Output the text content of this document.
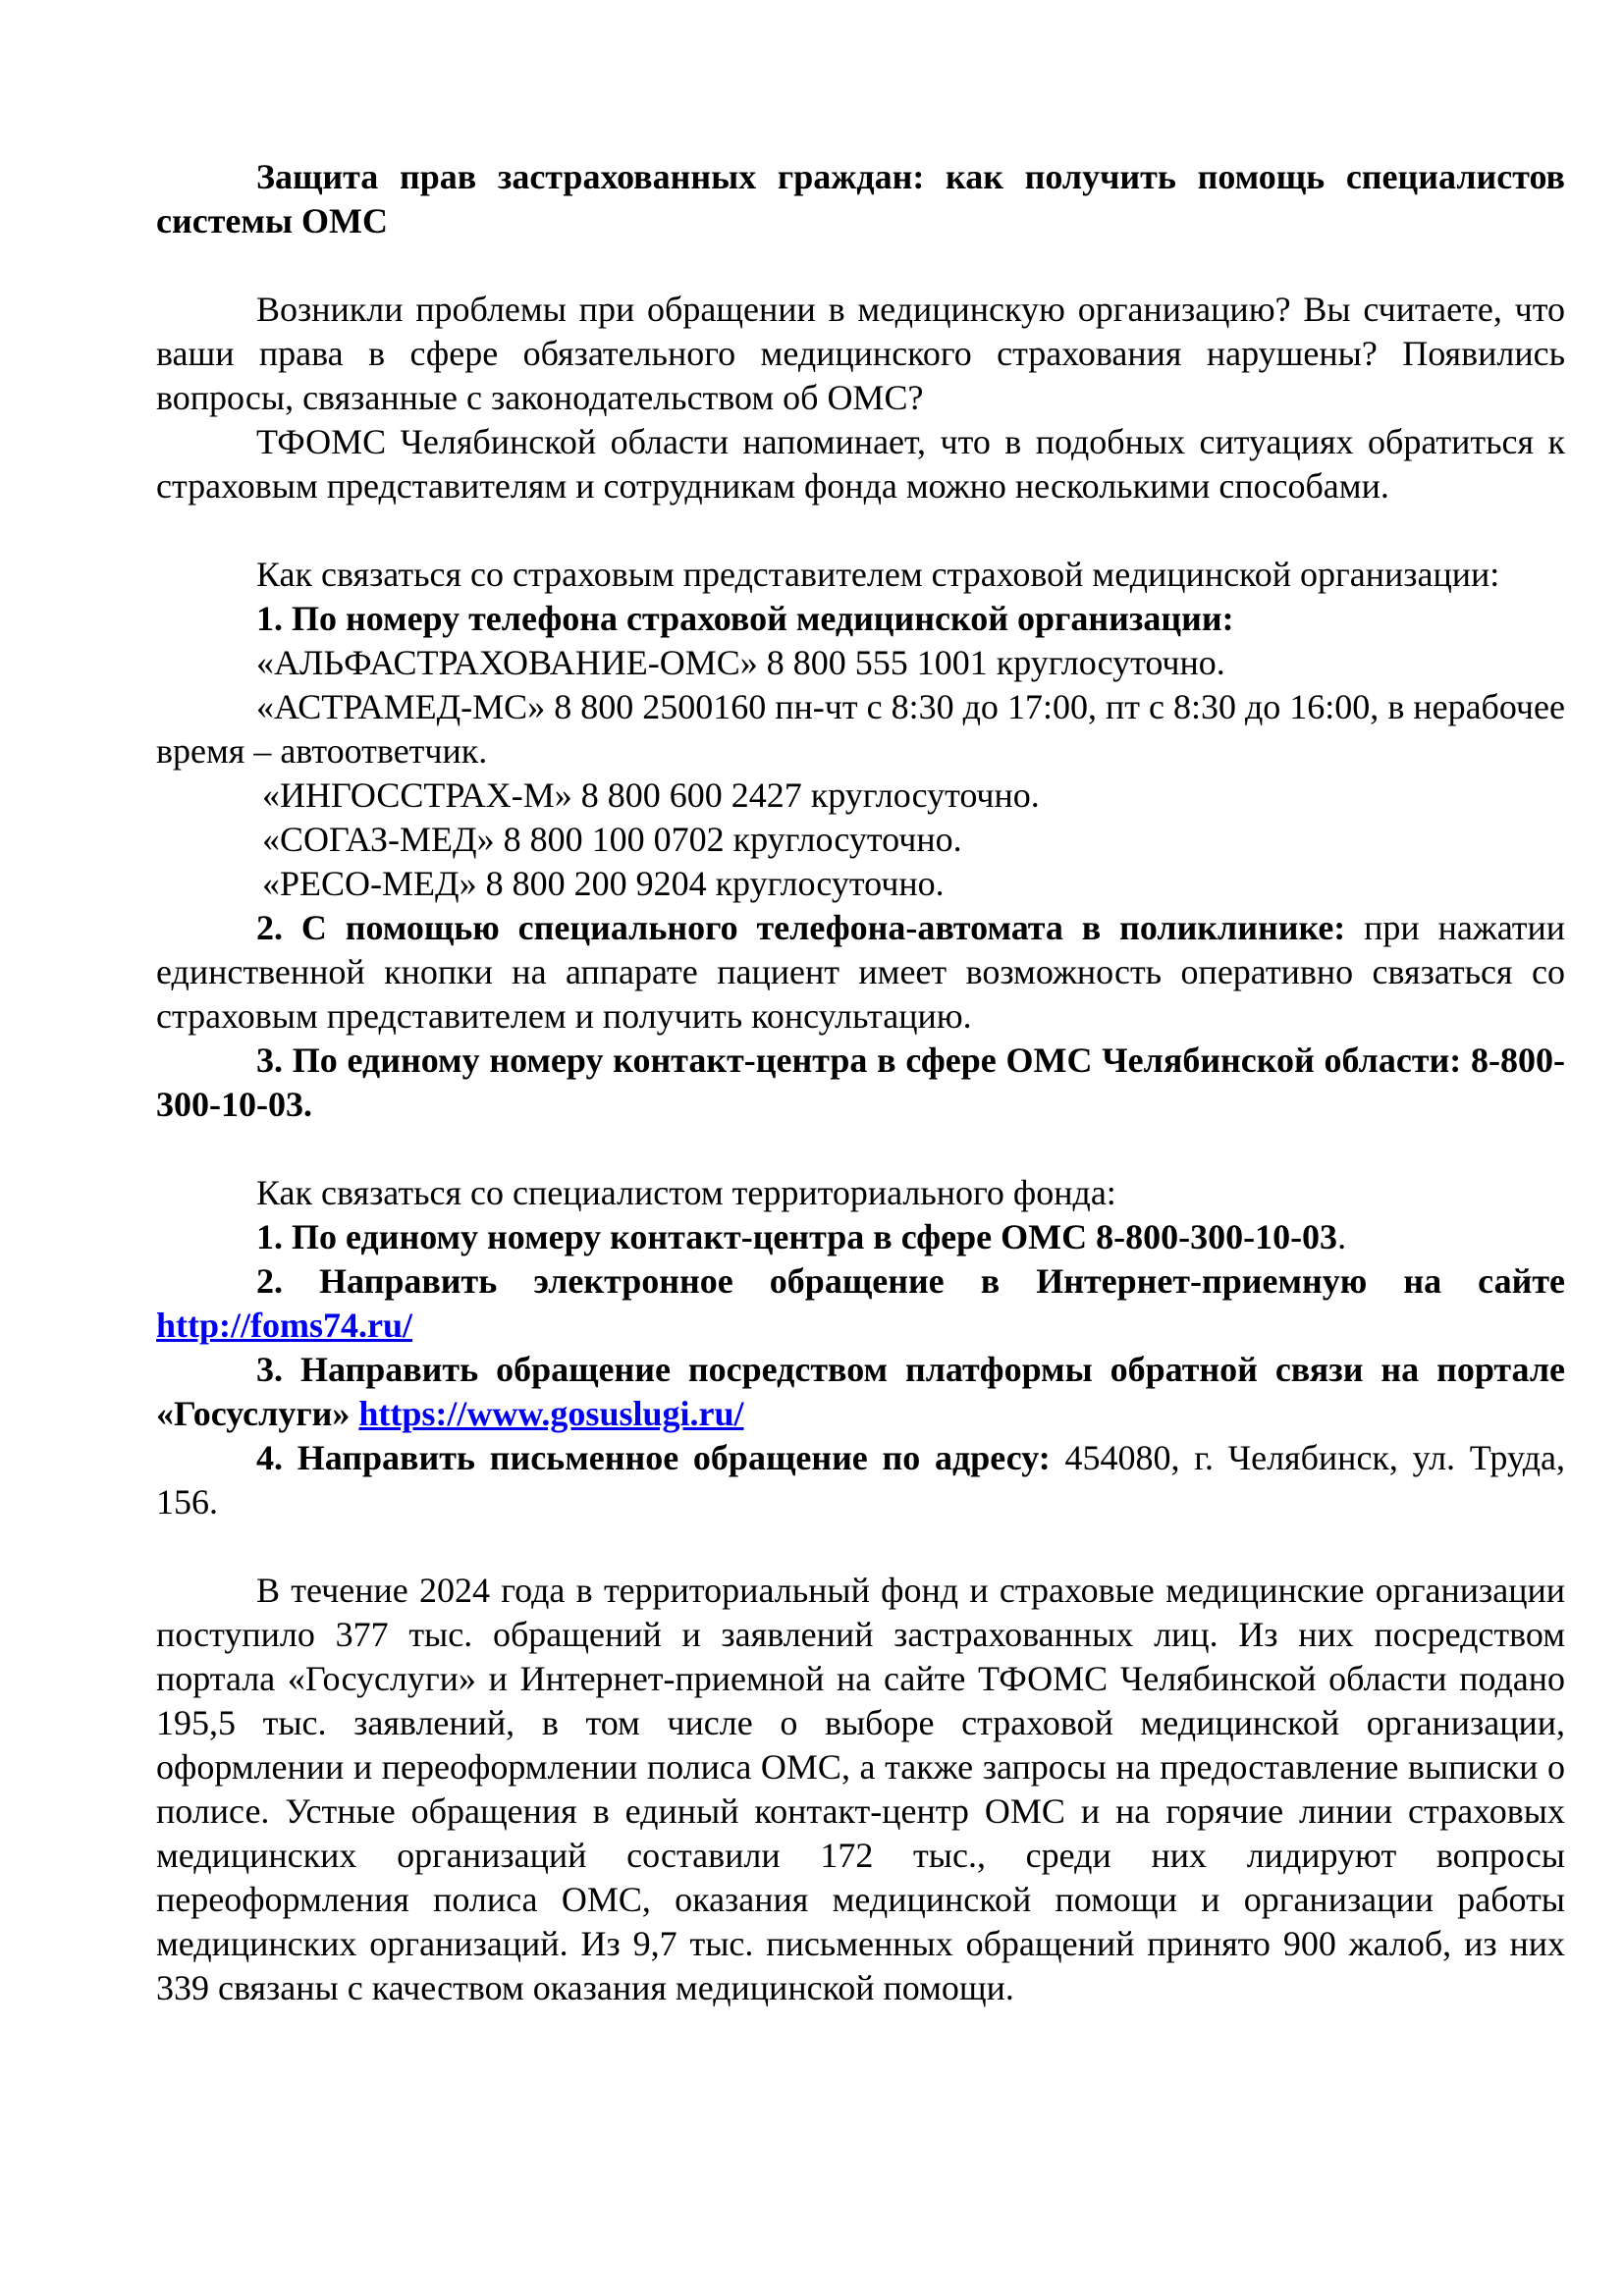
Защита прав застрахованных граждан: как получить помощь специалистов системы ОМС

Возникли проблемы при обращении в медицинскую организацию? Вы считаете, что ваши права в сфере обязательного медицинского страхования нарушены? Появились вопросы, связанные с законодательством об ОМС?

ТФОМС Челябинской области напоминает, что в подобных ситуациях обратиться к страховым представителям и сотрудникам фонда можно несколькими способами.

Как связаться со страховым представителем страховой медицинской организации:

1. По номеру телефона страховой медицинской организации:

«АЛЬФАСТРАХОВАНИЕ-ОМС» 8 800 555 1001 круглосуточно.

«АСТРАМЕД-МС» 8 800 2500160 пн-чт с 8:30 до 17:00, пт с 8:30 до 16:00, в нерабочее время – автоответчик.

«ИНГОССТРАХ-М» 8 800 600 2427 круглосуточно.

«СОГАЗ-МЕД» 8 800 100 0702 круглосуточно.

«РЕСО-МЕД» 8 800 200 9204 круглосуточно.

2. С помощью специального телефона-автомата в поликлинике: при нажатии единственной кнопки на аппарате пациент имеет возможность оперативно связаться со страховым представителем и получить консультацию.

3. По единому номеру контакт-центра в сфере ОМС Челябинской области: 8-800-300-10-03.

Как связаться со специалистом территориального фонда:

1. По единому номеру контакт-центра в сфере ОМС 8-800-300-10-03.

2. Направить электронное обращение в Интернет-приемную на сайте http://foms74.ru/

3. Направить обращение посредством платформы обратной связи на портале «Госуслуги» https://www.gosuslugi.ru/

4. Направить письменное обращение по адресу: 454080, г. Челябинск, ул. Труда, 156.

В течение 2024 года в территориальный фонд и страховые медицинские организации поступило 377 тыс. обращений и заявлений застрахованных лиц. Из них посредством портала «Госуслуги» и Интернет-приемной на сайте ТФОМС Челябинской области подано 195,5 тыс. заявлений, в том числе о выборе страховой медицинской организации, оформлении и переоформлении полиса ОМС, а также запросы на предоставление выписки о полисе. Устные обращения в единый контакт-центр ОМС и на горячие линии страховых медицинских организаций составили 172 тыс., среди них лидируют вопросы переоформления полиса ОМС, оказания медицинской помощи и организации работы медицинских организаций. Из 9,7 тыс. письменных обращений принято 900 жалоб, из них 339 связаны с качеством оказания медицинской помощи.
